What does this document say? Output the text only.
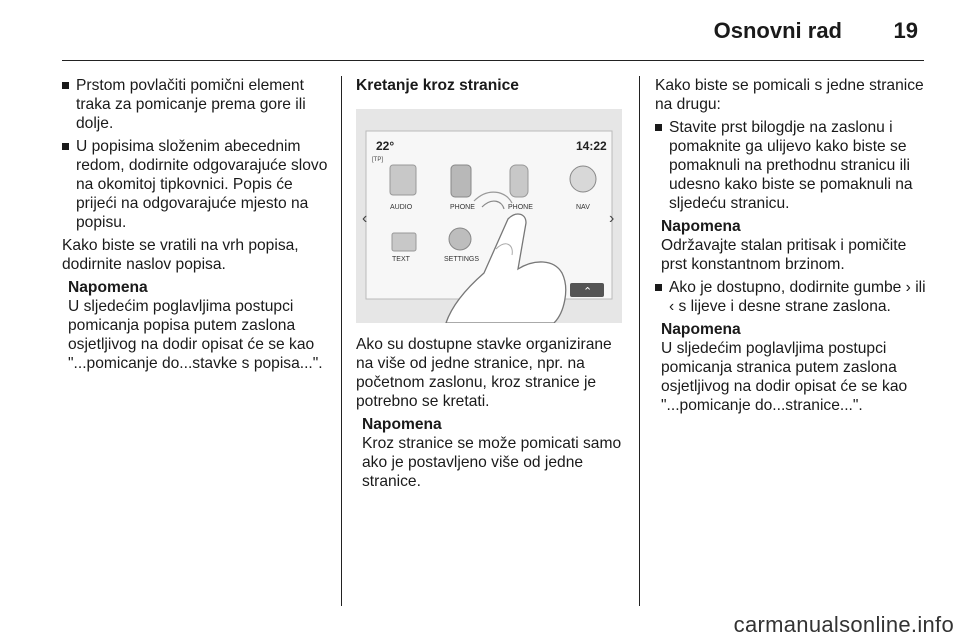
Osnovni rad 19
Prstom povlačiti pomični element traka za pomicanje prema gore ili dolje.
U popisima složenim abecednim redom, dodirnite odgovarajuće slovo na okomitoj tipkovnici. Popis će prijeći na odgovarajuće mjesto na popisu.

Kako biste se vratili na vrh popisa, dodirnite naslov popisa.

Napomena
U sljedećim poglavljima postupci pomicanja popisa putem zaslona osjetljivog na dodir opisat će se kao "...pomicanje do...stavke s popisa...".
Kretanje kroz stranice
22°
[TP]
14:22
‹	›
AUDIO	PHONE	PHONE	NAV
TEXT	SETTINGS
⌃

Ako su dostupne stavke organizirane na više od jedne stranice, npr. na početnom zaslonu, kroz stranice je potrebno se kretati.

Napomena
Kroz stranice se može pomicati samo ako je postavljeno više od jedne stranice.

Kako biste se pomicali s jedne stranice na drugu:

Stavite prst bilogdje na zaslonu i pomaknite ga ulijevo kako biste se pomaknuli na prethodnu stranicu ili udesno kako biste se pomaknuli na sljedeću stranicu.
Napomena
Održavajte stalan pritisak i pomičite prst konstantnom brzinom.
Ako je dostupno, dodirnite gumbe › ili ‹ s lijeve i desne strane zaslona.
Napomena
U sljedećim poglavljima postupci pomicanja stranica putem zaslona osjetljivog na dodir opisat će se kao "...pomicanje do...stranice...".
carmanualsonline.info
